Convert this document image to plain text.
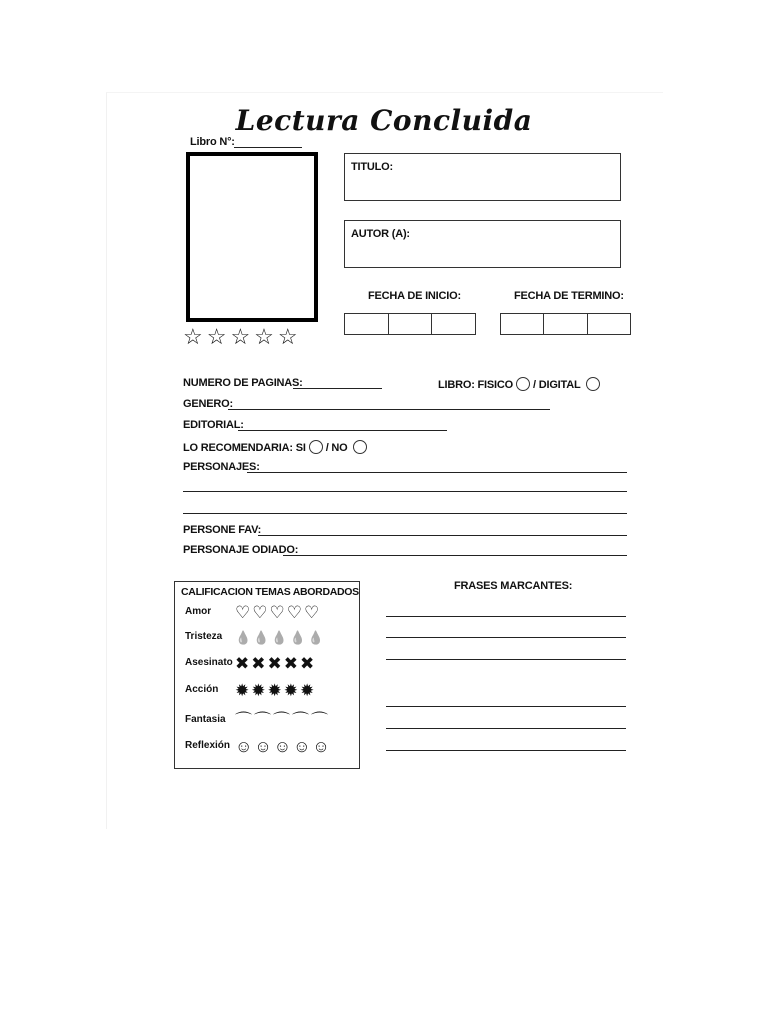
Lectura Concluida
Libro N°:
☆☆☆☆☆
TITULO:
AUTOR (A):
FECHA DE INICIO:	FECHA DE TERMINO:
NUMERO DE PAGINAS:	LIBRO: FISICO / DIGITAL
GENERO:
EDITORIAL:
LO RECOMENDARIA: SI / NO
PERSONAJES:
PERSONE FAV:
PERSONAJE ODIADO:
CALIFICACION TEMAS ABORDADOS
Amor ♡♡♡♡♡
Tristeza 💧💧💧💧💧
Asesinato ✖✖✖✖✖
Acción ✹✹✹✹✹
Fantasia ⌒⌒⌒⌒⌒
Reflexión ☺☺☺☺☺
FRASES MARCANTES:
